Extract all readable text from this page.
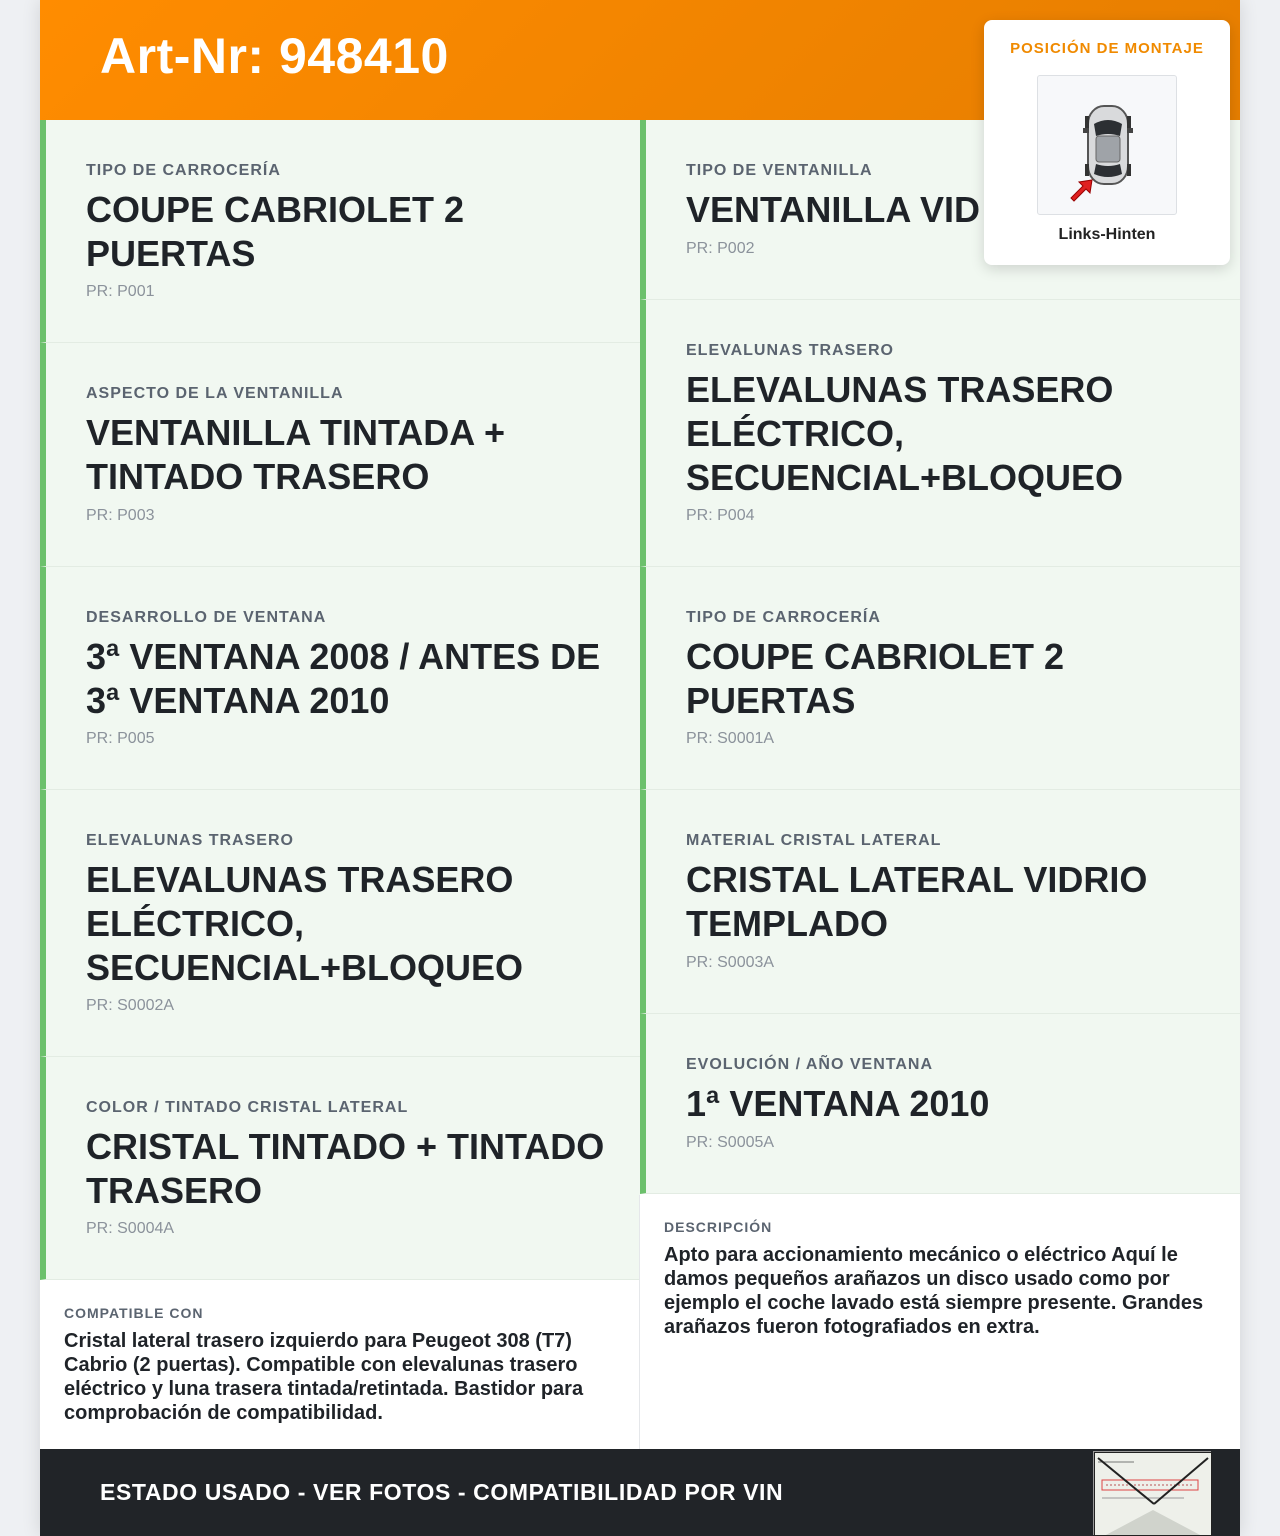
Art-Nr: 948410
TIPO DE CARROCERÍA
COUPE CABRIOLET 2 PUERTAS
PR: P001
ASPECTO DE LA VENTANILLA
VENTANILLA TINTADA + TINTADO TRASERO
PR: P003
DESARROLLO DE VENTANA
3ª VENTANA 2008 / ANTES DE 3ª VENTANA 2010
PR: P005
ELEVALUNAS TRASERO
ELEVALUNAS TRASERO ELÉCTRICO, SECUENCIAL+BLOQUEO
PR: S0002A
COLOR / TINTADO CRISTAL LATERAL
CRISTAL TINTADO + TINTADO TRASERO
PR: S0004A
TIPO DE VENTANILLA
VENTANILLA VID
PR: P002
ELEVALUNAS TRASERO
ELEVALUNAS TRASERO ELÉCTRICO, SECUENCIAL+BLOQUEO
PR: P004
TIPO DE CARROCERÍA
COUPE CABRIOLET 2 PUERTAS
PR: S0001A
MATERIAL CRISTAL LATERAL
CRISTAL LATERAL VIDRIO TEMPLADO
PR: S0003A
EVOLUCIÓN / AÑO VENTANA
1ª VENTANA 2010
PR: S0005A
POSICIÓN DE MONTAJE
Links-Hinten
COMPATIBLE CON
Cristal lateral trasero izquierdo para Peugeot 308 (T7) Cabrio (2 puertas). Compatible con elevalunas trasero eléctrico y luna trasera tintada/retintada. Bastidor para comprobación de compatibilidad.
DESCRIPCIÓN
Apto para accionamiento mecánico o eléctrico Aquí le damos pequeños arañazos un disco usado como por ejemplo el coche lavado está siempre presente. Grandes arañazos fueron fotografiados en extra.
ESTADO USADO - VER FOTOS - COMPATIBILIDAD POR VIN
